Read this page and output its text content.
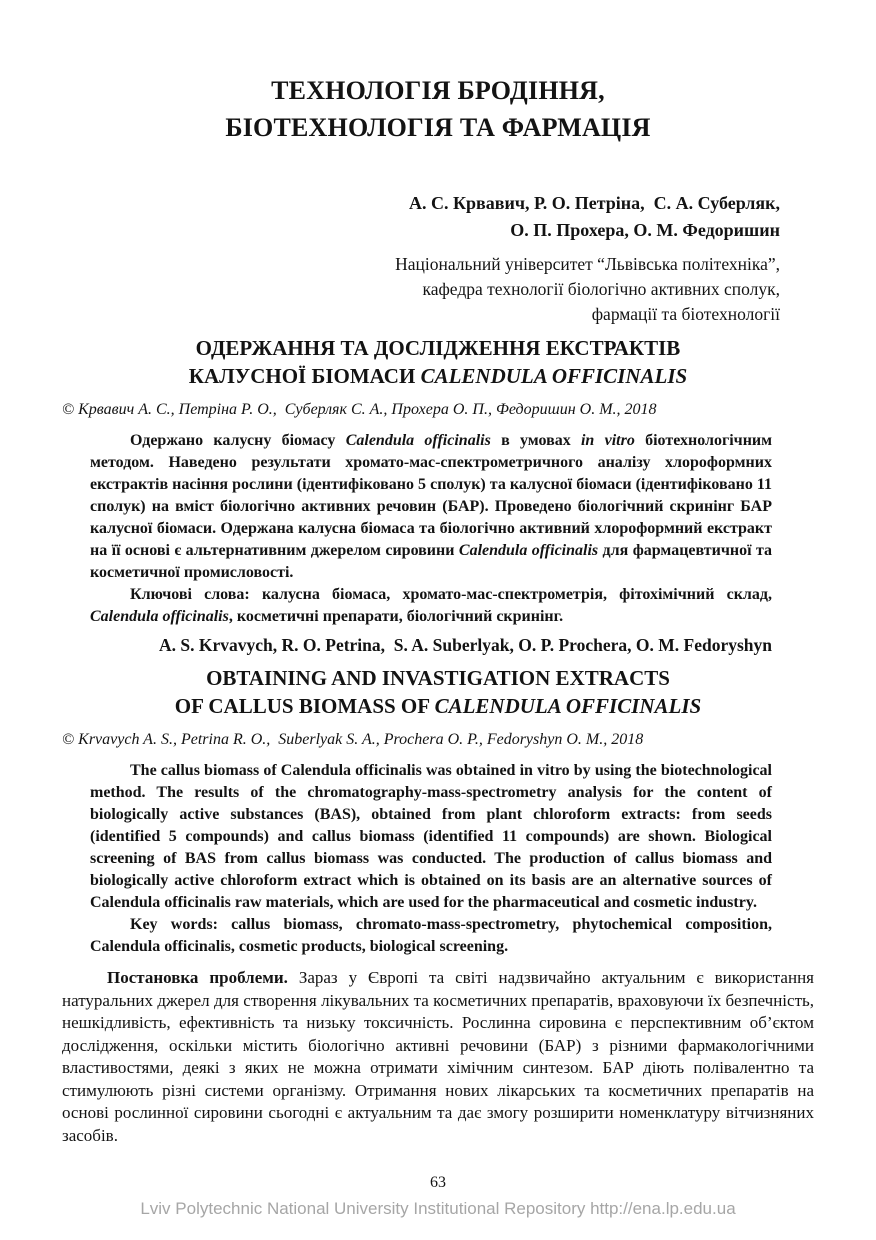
ТЕХНОЛОГІЯ БРОДІННЯ,
БІОТЕХНОЛОГІЯ ТА ФАРМАЦІЯ
А. С. Крвавич, Р. О. Петріна,  С. А. Суберляк,
О. П. Прохера, О. М. Федоришин
Національний університет “Львівська політехніка”,
кафедра технології біологічно активних сполук,
фармації та біотехнології
ОДЕРЖАННЯ ТА ДОСЛІДЖЕННЯ ЕКСТРАКТІВ
КАЛУСНОЇ БІОМАСИ CALENDULA OFFICINALIS
© Крвавич А. С., Петріна Р. О.,  Суберляк С. А., Прохера О. П., Федоришин О. М., 2018

Одержано калусну біомасу Calendula officinalis в умовах in vitro біотехнологічним методом. Наведено результати хромато-мас-спектрометричного аналізу хлороформних екстрактів насіння рослини (ідентифіковано 5 сполук) та калусної біомаси (ідентифіковано 11 сполук) на вміст біологічно активних речовин (БАР). Проведено біологічний скринінг БАР калусної біомаси. Одержана калусна біомаса та біологічно активний хлороформний екстракт на її основі є альтернативним джерелом сировини Calendula officinalis для фармацевтичної та косметичної промисловості.

Ключові слова: калусна біомаса, хромато-мас-спектрометрія, фітохімічний склад, Calendula officinalis, косметичні препарати, біологічний скринінг.

A. S. Krvavych, R. O. Petrina,  S. A. Suberlyak, O. P. Prochera, O. M. Fedoryshyn
OBTAINING AND INVASTIGATION EXTRACTS
OF CALLUS BIOMASS OF CALENDULA OFFICINALIS
© Krvavych A. S., Petrina R. O.,  Suberlyak S. A., Prochera O. P., Fedoryshyn O. M., 2018

The callus biomass of Calendula officinalis was obtained in vitro by using the biotechnological method. The results of the chromatography-mass-spectrometry analysis for the content of biologically active substances (BAS), obtained from plant chloroform extracts: from seeds (identified 5 compounds) and callus biomass (identified 11 compounds) are shown. Biological screening of BAS from callus biomass was conducted. The production of callus biomass and biologically active chloroform extract which is obtained on its basis are an alternative sources of Calendula officinalis raw materials, which are used for the pharmaceutical and cosmetic industry.

Key words: callus biomass, chromato-mass-spectrometry, phytochemical composition, Calendula officinalis, cosmetic products, biological screening.

Постановка проблеми. Зараз у Європі та світі надзвичайно актуальним є використання натуральних джерел для створення лікувальних та косметичних препаратів, враховуючи їх безпечність, нешкідливість, ефективність та низьку токсичність. Рослинна сировина є перспективним об’єктом дослідження, оскільки містить біологічно активні речовини (БАР) з різними фармакологічними властивостями, деякі з яких не можна отримати хімічним синтезом. БАР діють полівалентно та стимулюють різні системи організму. Отримання нових лікарських та косметичних препаратів на основі рослинної сировини сьогодні є актуальним та дає змогу розширити номенклатуру вітчизняних засобів.
63
Lviv Polytechnic National University Institutional Repository http://ena.lp.edu.ua
